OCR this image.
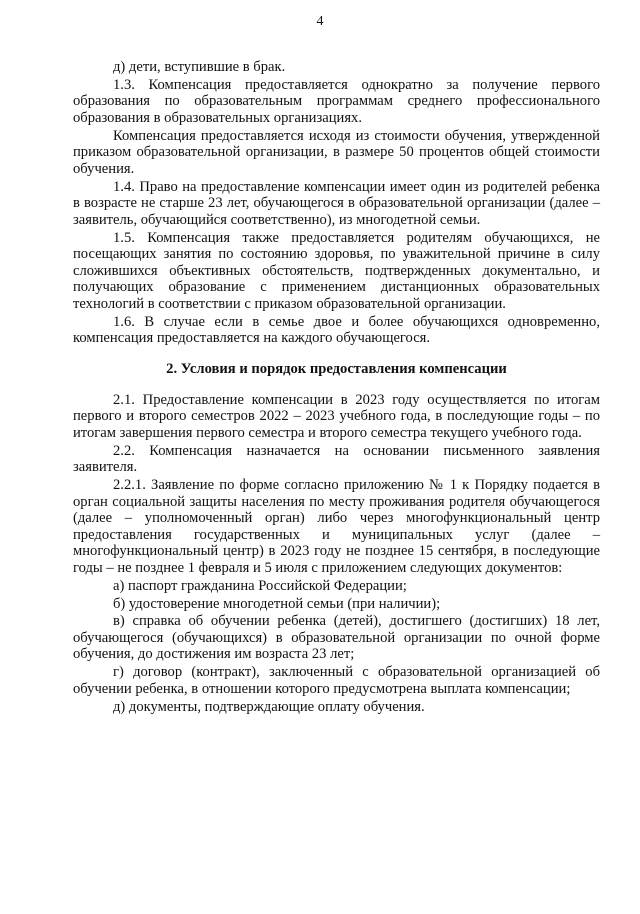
4

д) дети, вступившие в брак.

1.3. Компенсация предоставляется однократно за получение первого образования по образовательным программам среднего профессионального образования в образовательных организациях.

Компенсация предоставляется исходя из стоимости обучения, утвержденной приказом образовательной организации, в размере 50 процентов общей стоимости обучения.

1.4. Право на предоставление компенсации имеет один из родителей ребенка в возрасте не старше 23 лет, обучающегося в образовательной организации (далее – заявитель, обучающийся соответственно), из многодетной семьи.

1.5. Компенсация также предоставляется родителям обучающихся, не посещающих занятия по состоянию здоровья, по уважительной причине в силу сложившихся объективных обстоятельств, подтвержденных документально, и получающих образование с применением дистанционных образовательных технологий в соответствии с приказом образовательной организации.

1.6. В случае если в семье двое и более обучающихся одновременно, компенсация предоставляется на каждого обучающегося.

2. Условия и порядок предоставления компенсации

2.1. Предоставление компенсации в 2023 году осуществляется по итогам первого и второго семестров 2022 – 2023 учебного года, в последующие годы – по итогам завершения первого семестра и второго семестра текущего учебного года.

2.2. Компенсация назначается на основании письменного заявления заявителя.

2.2.1. Заявление по форме согласно приложению № 1 к Порядку подается в орган социальной защиты населения по месту проживания родителя обучающегося (далее – уполномоченный орган) либо через многофункциональный центр предоставления государственных и муниципальных услуг (далее – многофункциональный центр) в 2023 году не позднее 15 сентября, в последующие годы – не позднее 1 февраля и 5 июля с приложением следующих документов:

а) паспорт гражданина Российской Федерации;

б) удостоверение многодетной семьи (при наличии);

в) справка об обучении ребенка (детей), достигшего (достигших) 18 лет, обучающегося (обучающихся) в образовательной организации по очной форме обучения, до достижения им возраста 23 лет;

г) договор (контракт), заключенный с образовательной организацией об обучении ребенка, в отношении которого предусмотрена выплата компенсации;

д) документы, подтверждающие оплату обучения.
